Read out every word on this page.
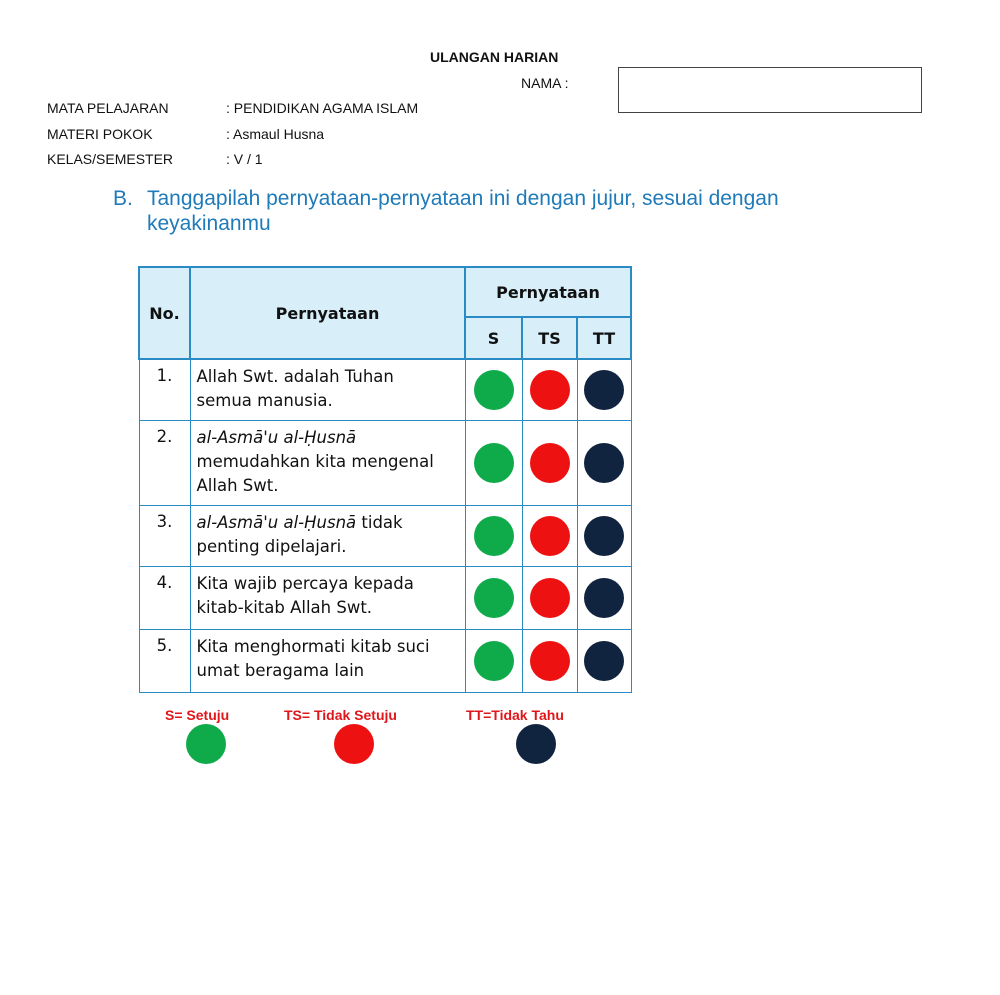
ULANGAN HARIAN
NAMA :
MATA PELAJARAN	: PENDIDIKAN AGAMA ISLAM
MATERI POKOK	: Asmaul Husna
KELAS/SEMESTER	: V / 1
B. Tanggapilah pernyataan-pernyataan ini dengan jujur, sesuai dengan
keyakinanmu
No.	Pernyataan	Pernyataan		
		S	TS	TT
1.	Allah Swt. adalah Tuhan
semua manusia.			

2.	al-Asmā'u al-Ḥusnā
memudahkan kita mengenal
Allah Swt.			

3.	al-Asmā'u al-Ḥusnā tidak
penting dipelajari.			

4.	Kita wajib percaya kepada
kitab-kitab Allah Swt.			

5.	Kita menghormati kitab suci
umat beragama lain			

S= Setuju	TS= Tidak Setuju	TT=Tidak Tahu
